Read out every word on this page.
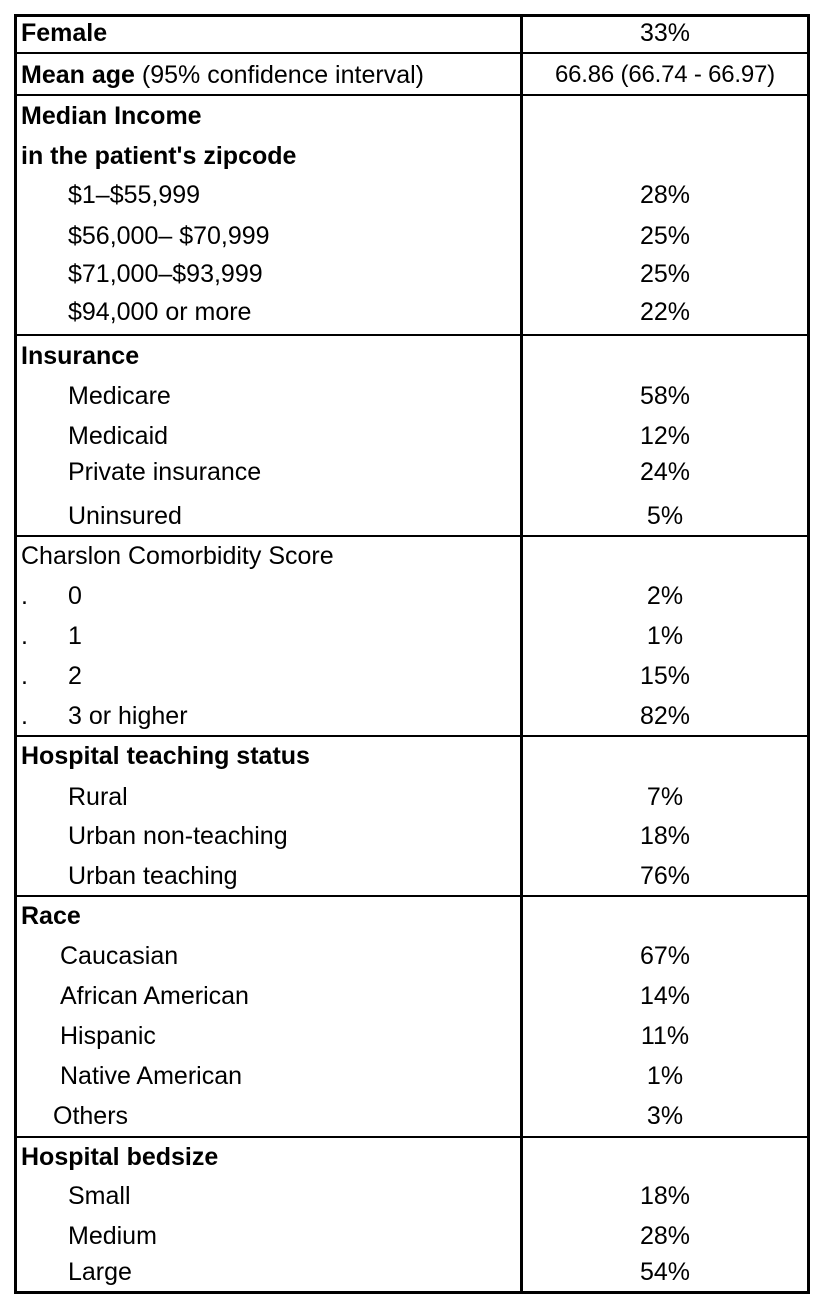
Female	33%
Mean age (95% confidence interval)	66.86 (66.74 - 66.97)
Median Income
in the patient's zipcode
$1–$55,999	28%
$56,000– $70,999	25%
$71,000–$93,999	25%
$94,000 or more	22%
Insurance
Medicare	58%
Medicaid	12%
Private insurance	24%
Uninsured	5%
Charslon Comorbidity Score
. 0	2%
. 1	1%
. 2	15%
. 3 or higher	82%
Hospital teaching status
Rural	7%
Urban non-teaching	18%
Urban teaching	76%
Race
Caucasian	67%
African American	14%
Hispanic	11%
Native American	1%
Others	3%
Hospital bedsize
Small	18%
Medium	28%
Large	54%
